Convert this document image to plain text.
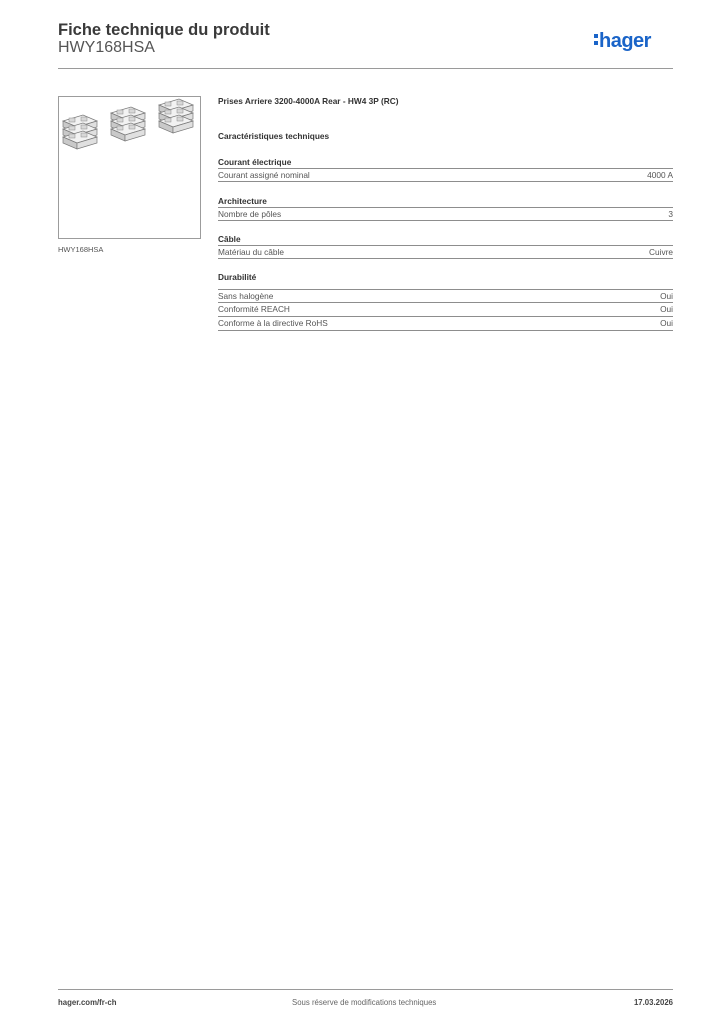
Fiche technique du produit
HWY168HSA	hager
HWY168HSA
Prises Arriere 3200-4000A Rear - HW4 3P (RC)
Caractéristiques techniques
Courant électrique
Courant assigné nominal	4000 A
Architecture
Nombre de pôles	3
Câble
Matériau du câble	Cuivre
Durabilité
Sans halogène	Oui
Conformité REACH	Oui
Conforme à la directive RoHS	Oui
hager.com/fr-ch	Sous réserve de modifications techniques	17.03.2026
